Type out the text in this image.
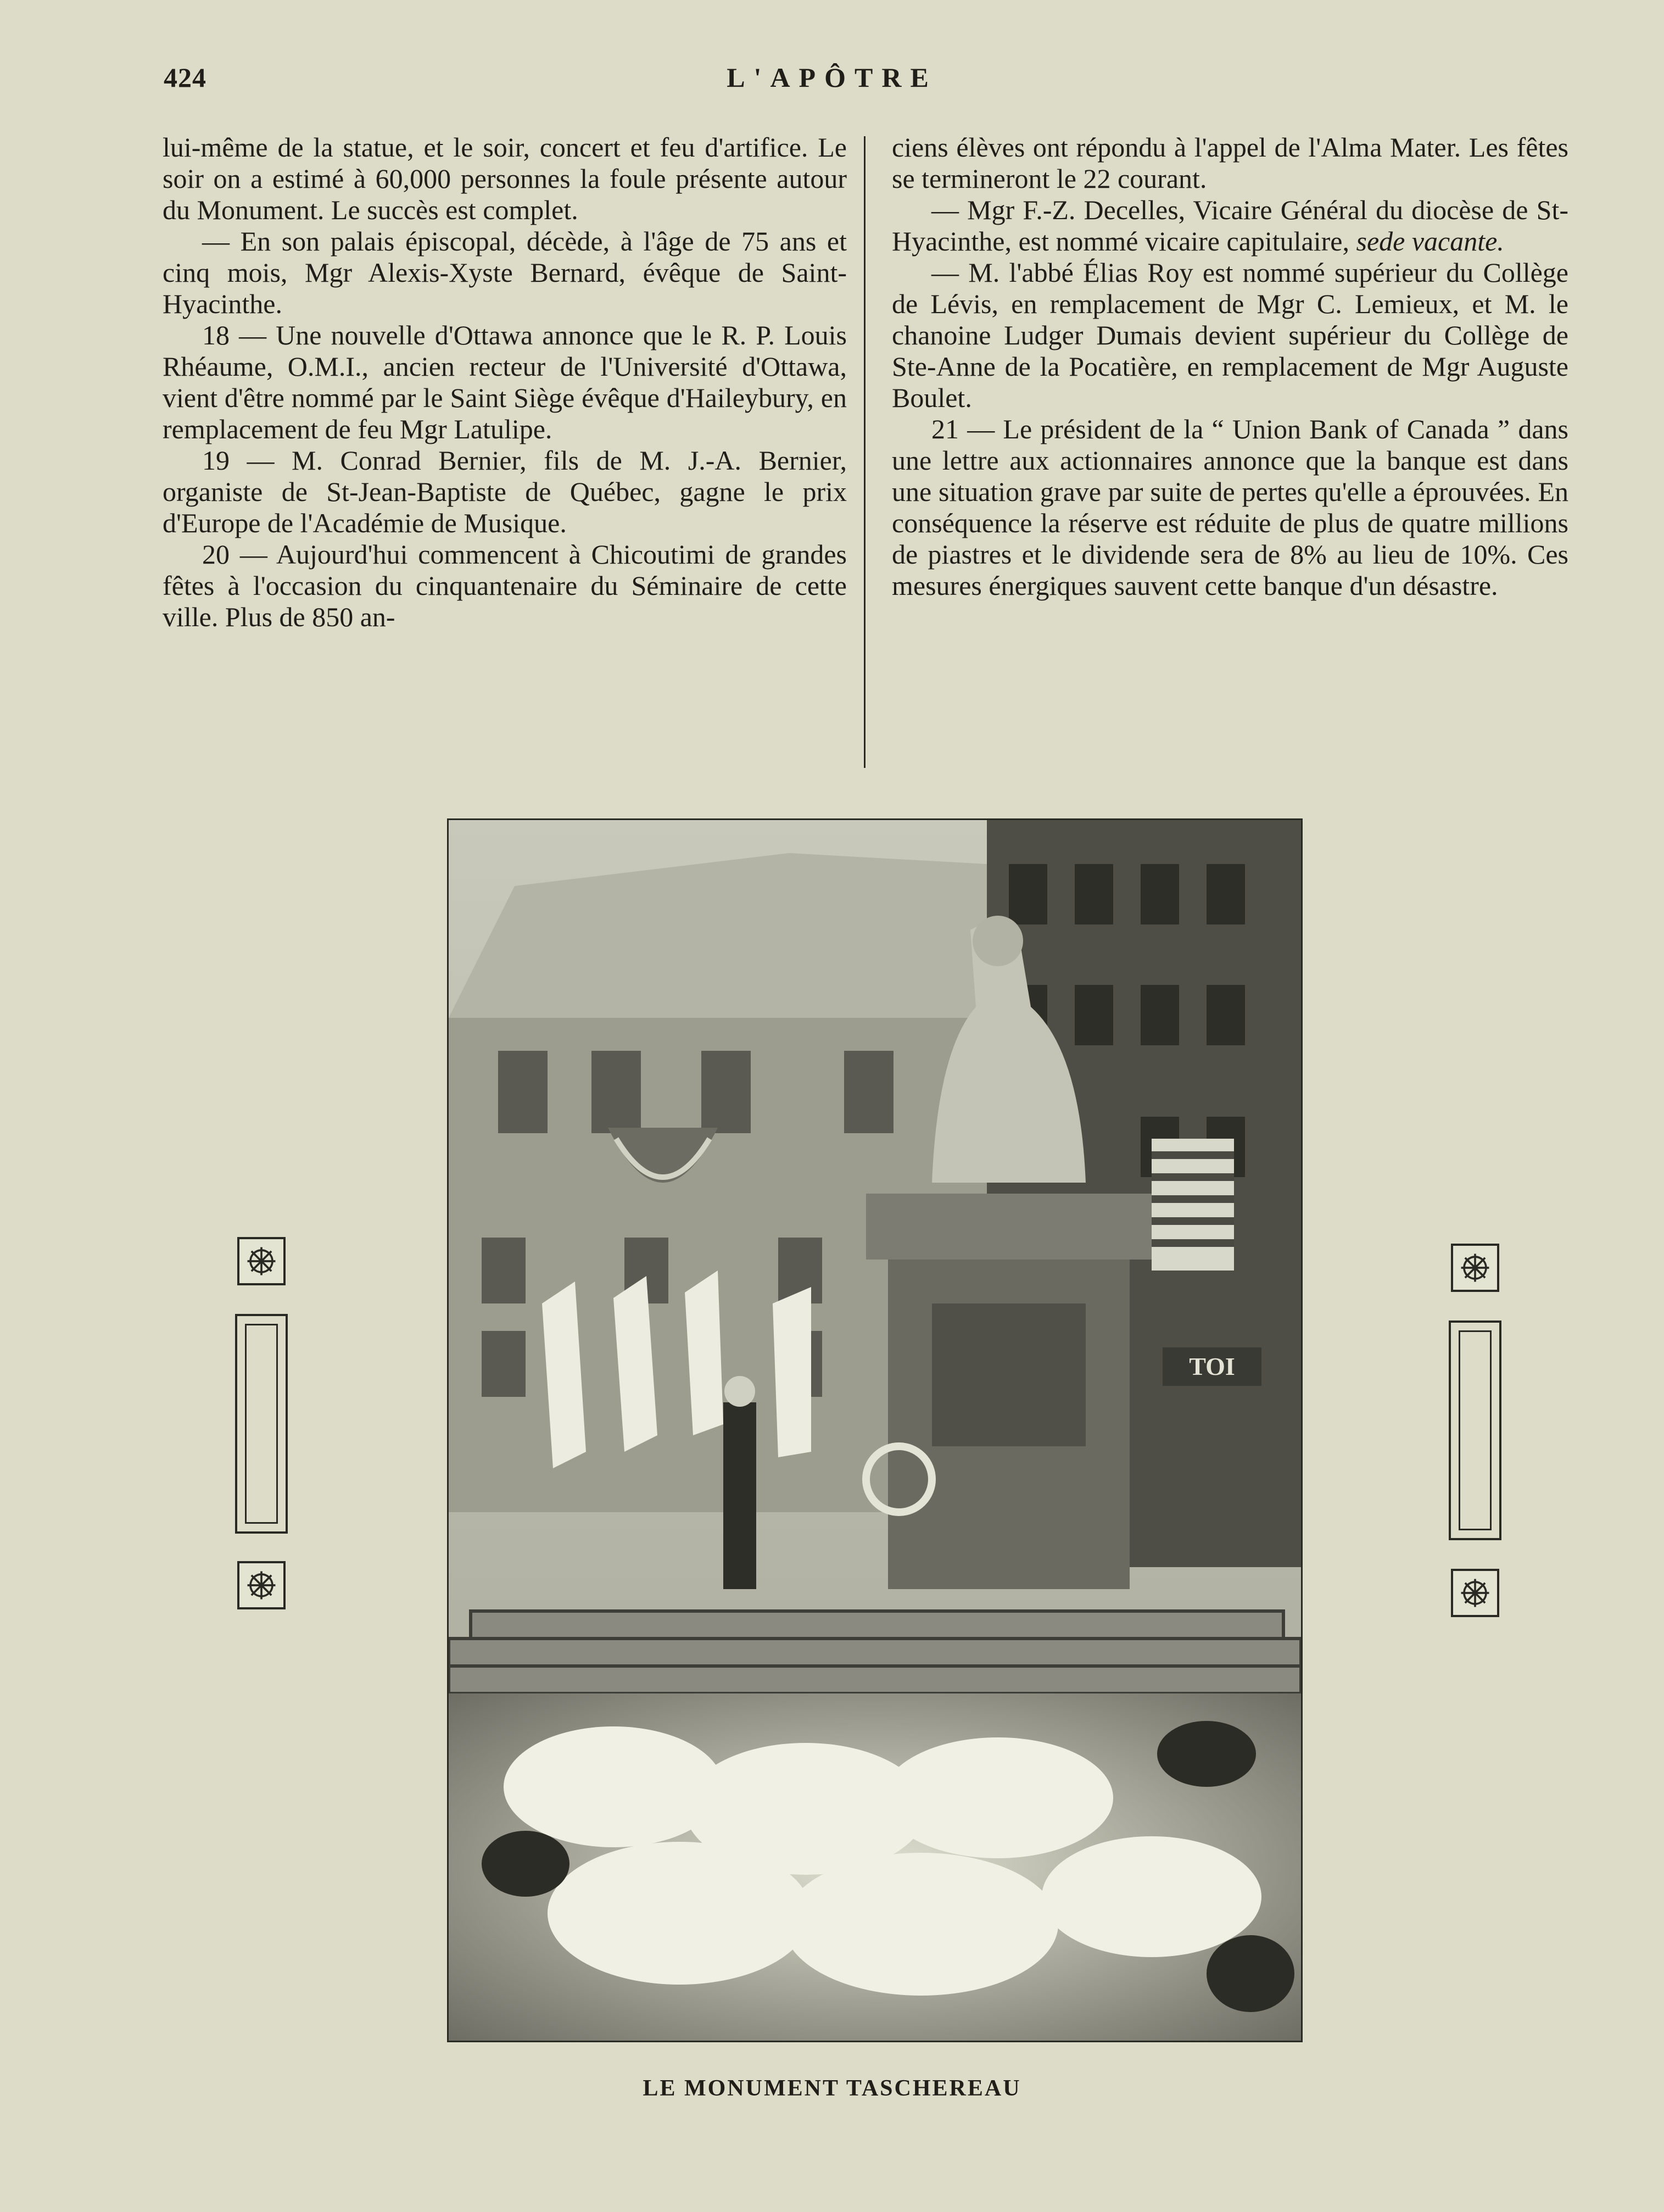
424	L'APÔTRE

lui-même de la statue, et le soir, concert et feu d'artifice. Le soir on a estimé à 60,000 personnes la foule présente autour du Monument. Le succès est complet.

— En son palais épiscopal, décède, à l'âge de 75 ans et cinq mois, Mgr Alexis-Xyste Bernard, évêque de Saint-Hyacinthe.

18 — Une nouvelle d'Ottawa annonce que le R. P. Louis Rhéaume, O.M.I., ancien recteur de l'Université d'Ottawa, vient d'être nommé par le Saint Siège évêque d'Haileybury, en remplacement de feu Mgr Latulipe.

19 — M. Conrad Bernier, fils de M. J.-A. Bernier, organiste de St-Jean-Baptiste de Québec, gagne le prix d'Europe de l'Académie de Musique.

20 — Aujourd'hui commencent à Chicoutimi de grandes fêtes à l'occasion du cinquantenaire du Séminaire de cette ville. Plus de 850 an-

ciens élèves ont répondu à l'appel de l'Alma Mater. Les fêtes se termineront le 22 courant.

— Mgr F.-Z. Decelles, Vicaire Général du diocèse de St-Hyacinthe, est nommé vicaire capitulaire, sede vacante.

— M. l'abbé Élias Roy est nommé supérieur du Collège de Lévis, en remplacement de Mgr C. Lemieux, et M. le chanoine Ludger Dumais devient supérieur du Collège de Ste-Anne de la Pocatière, en remplacement de Mgr Auguste Boulet.

21 — Le président de la “ Union Bank of Canada ” dans une lettre aux actionnaires annonce que la banque est dans une situation grave par suite de pertes qu'elle a éprouvées. En conséquence la réserve est réduite de plus de quatre millions de piastres et le dividende sera de 8% au lieu de 10%. Ces mesures énergiques sauvent cette banque d'un désastre.

TOI
LE MONUMENT TASCHEREAU
